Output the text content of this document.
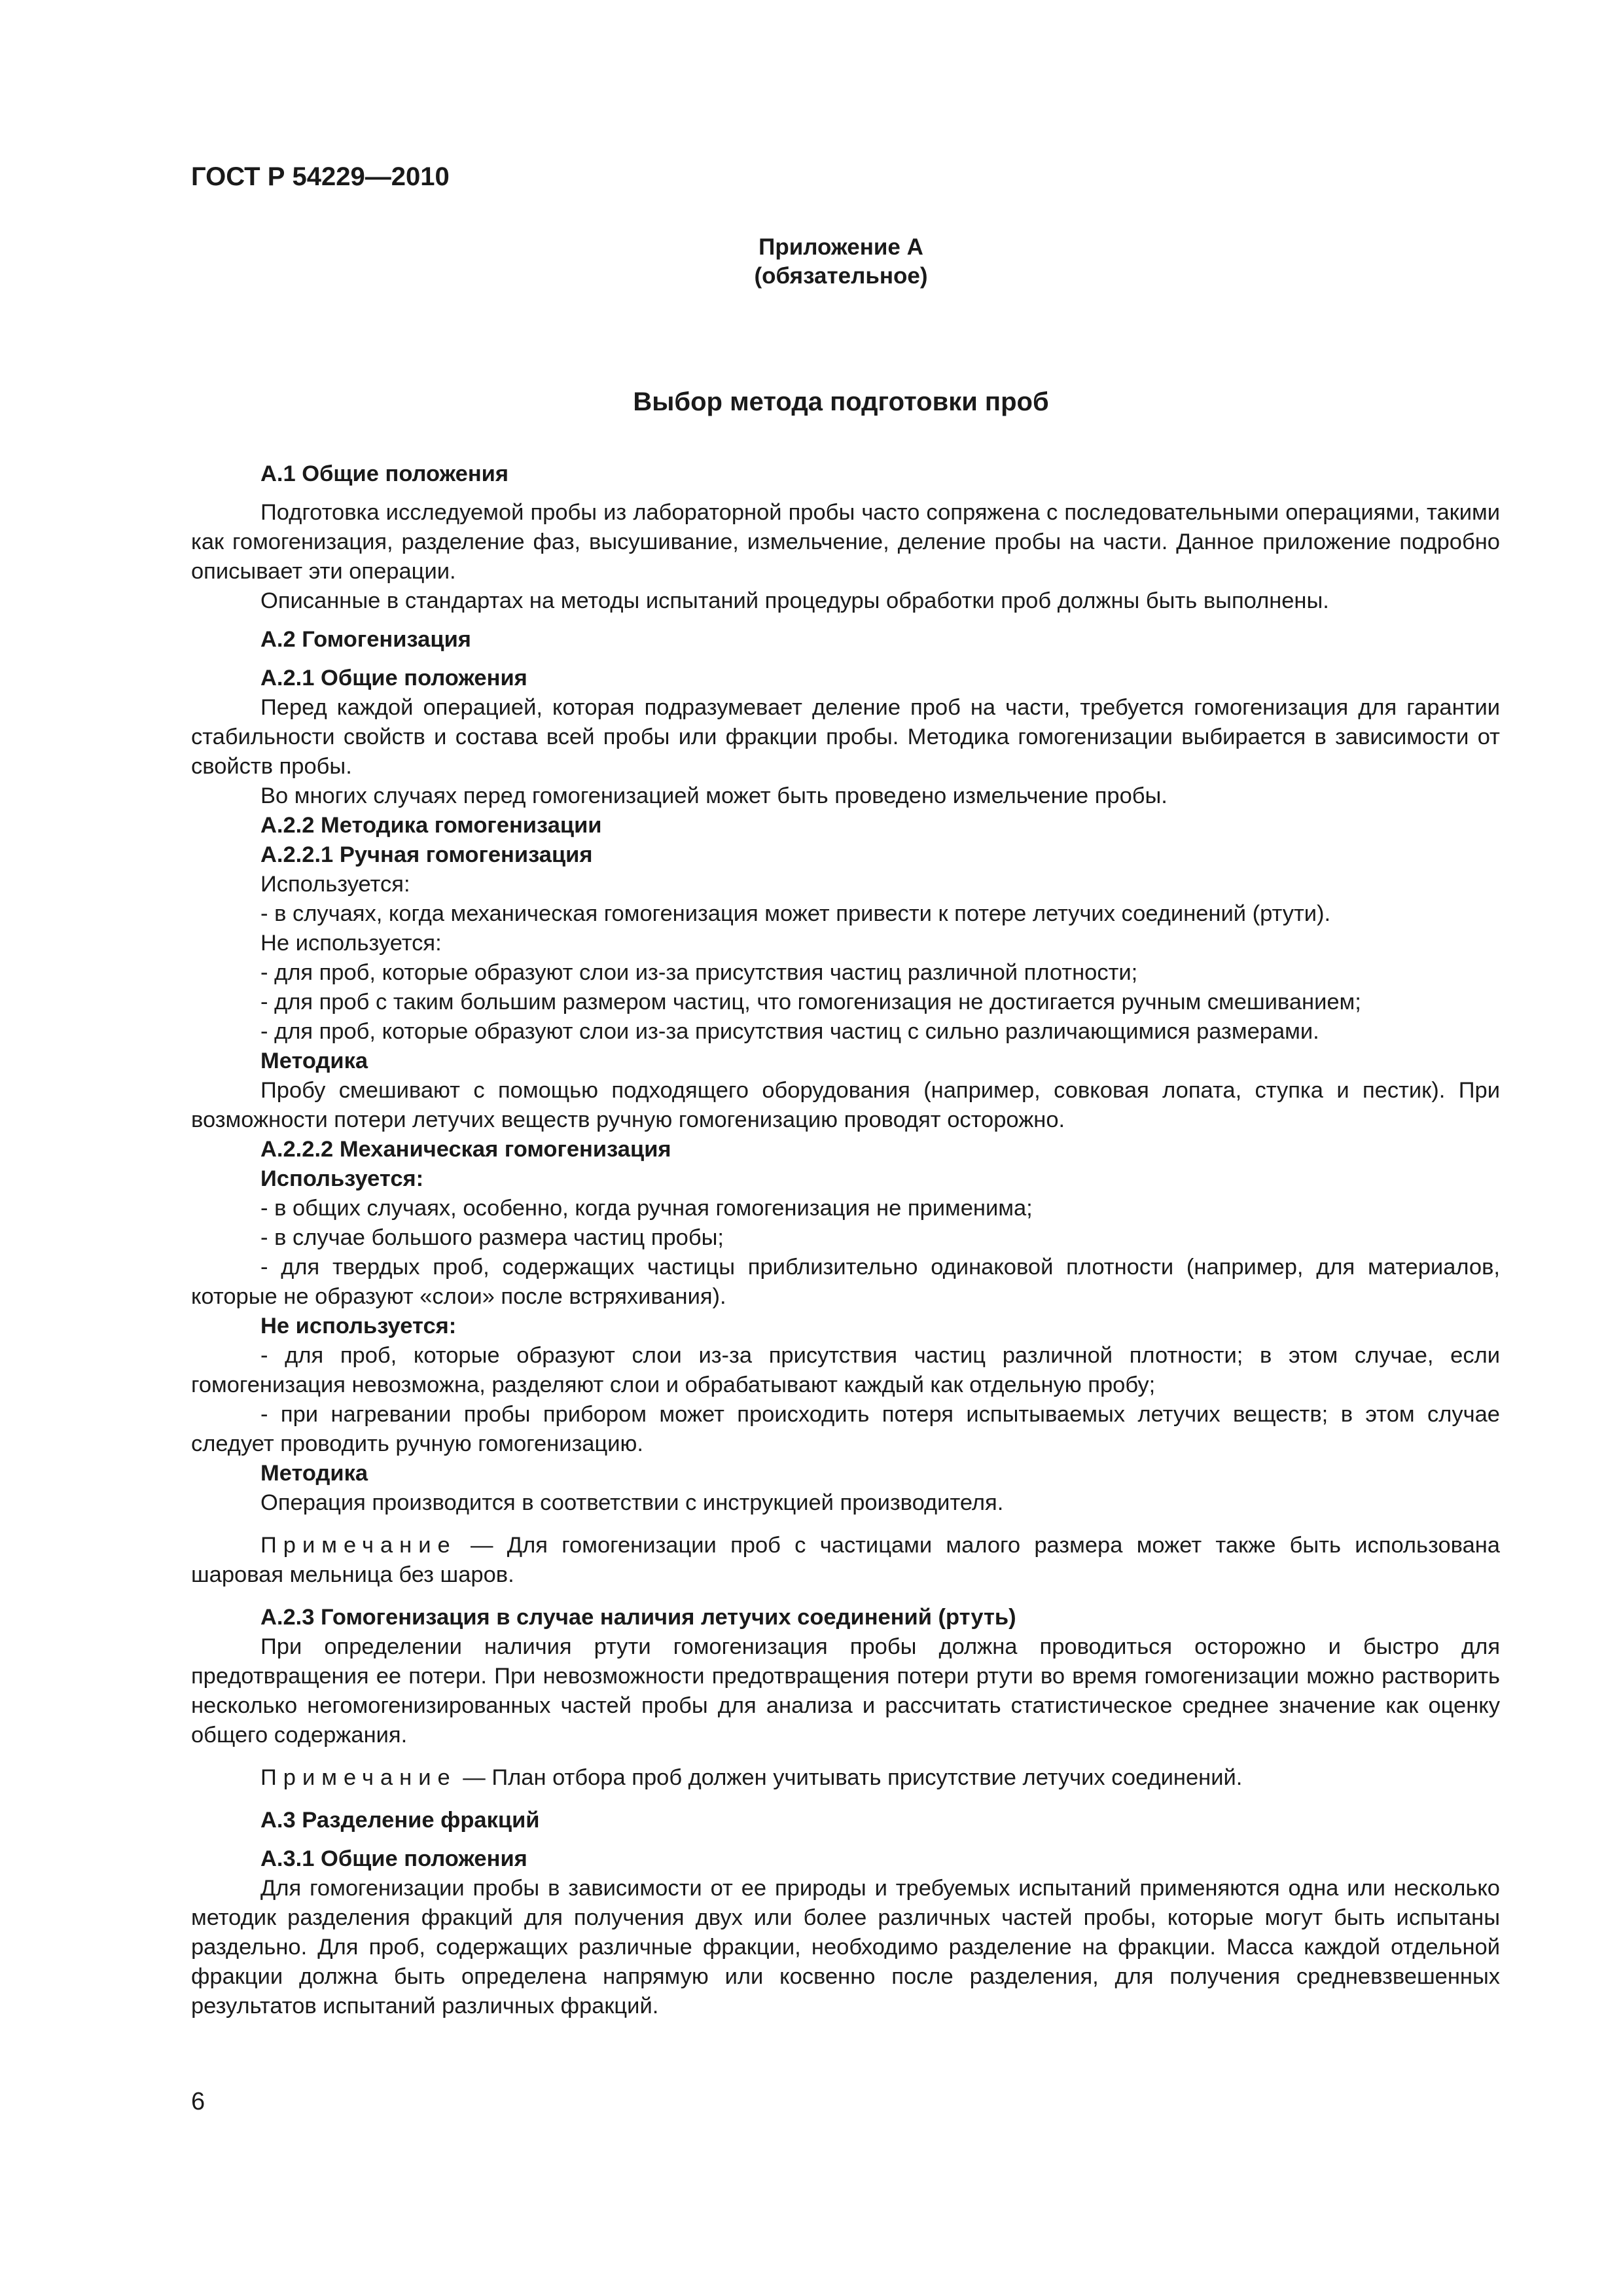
ГОСТ Р 54229—2010

Приложение А

(обязательное)

Выбор метода подготовки проб

А.1 Общие положения

Подготовка исследуемой пробы из лабораторной пробы часто сопряжена с последовательными операциями, такими как гомогенизация, разделение фаз, высушивание, измельчение, деление пробы на части. Данное приложение подробно описывает эти операции.

Описанные в стандартах на методы испытаний процедуры обработки проб должны быть выполнены.

А.2 Гомогенизация

А.2.1 Общие положения

Перед каждой операцией, которая подразумевает деление проб на части, требуется гомогенизация для гарантии стабильности свойств и состава всей пробы или фракции пробы. Методика гомогенизации выбирается в зависимости от свойств пробы.

Во многих случаях перед гомогенизацией может быть проведено измельчение пробы.

А.2.2 Методика гомогенизации

А.2.2.1 Ручная гомогенизация

Используется:

- в случаях, когда механическая гомогенизация может привести к потере летучих соединений (ртути).

Не используется:

- для проб, которые образуют слои из-за присутствия частиц различной плотности;

- для проб с таким большим размером частиц, что гомогенизация не достигается ручным смешиванием;

- для проб, которые образуют слои из-за присутствия частиц с сильно различающимися размерами.

Методика

Пробу смешивают с помощью подходящего оборудования (например, совковая лопата, ступка и пестик). При возможности потери летучих веществ ручную гомогенизацию проводят осторожно.

А.2.2.2 Механическая гомогенизация

Используется:

- в общих случаях, особенно, когда ручная гомогенизация не применима;

- в случае большого размера частиц пробы;

- для твердых проб, содержащих частицы приблизительно одинаковой плотности (например, для материалов, которые не образуют «слои» после встряхивания).

Не используется:

- для проб, которые образуют слои из-за присутствия частиц различной плотности; в этом случае, если гомогенизация невозможна, разделяют слои и обрабатывают каждый как отдельную пробу;

- при нагревании пробы прибором может происходить потеря испытываемых летучих веществ; в этом случае следует проводить ручную гомогенизацию.

Методика

Операция производится в соответствии с инструкцией производителя.

Примечание — Для гомогенизации проб с частицами малого размера может также быть использована шаровая мельница без шаров.

А.2.3 Гомогенизация в случае наличия летучих соединений (ртуть)

При определении наличия ртути гомогенизация пробы должна проводиться осторожно и быстро для предотвращения ее потери. При невозможности предотвращения потери ртути во время гомогенизации можно растворить несколько негомогенизированных частей пробы для анализа и рассчитать статистическое среднее значение как оценку общего содержания.

Примечание — План отбора проб должен учитывать присутствие летучих соединений.

А.3 Разделение фракций

А.3.1 Общие положения

Для гомогенизации пробы в зависимости от ее природы и требуемых испытаний применяются одна или несколько методик разделения фракций для получения двух или более различных частей пробы, которые могут быть испытаны раздельно. Для проб, содержащих различные фракции, необходимо разделение на фракции. Масса каждой отдельной фракции должна быть определена напрямую или косвенно после разделения, для получения средневзвешенных результатов испытаний различных фракций.

6
